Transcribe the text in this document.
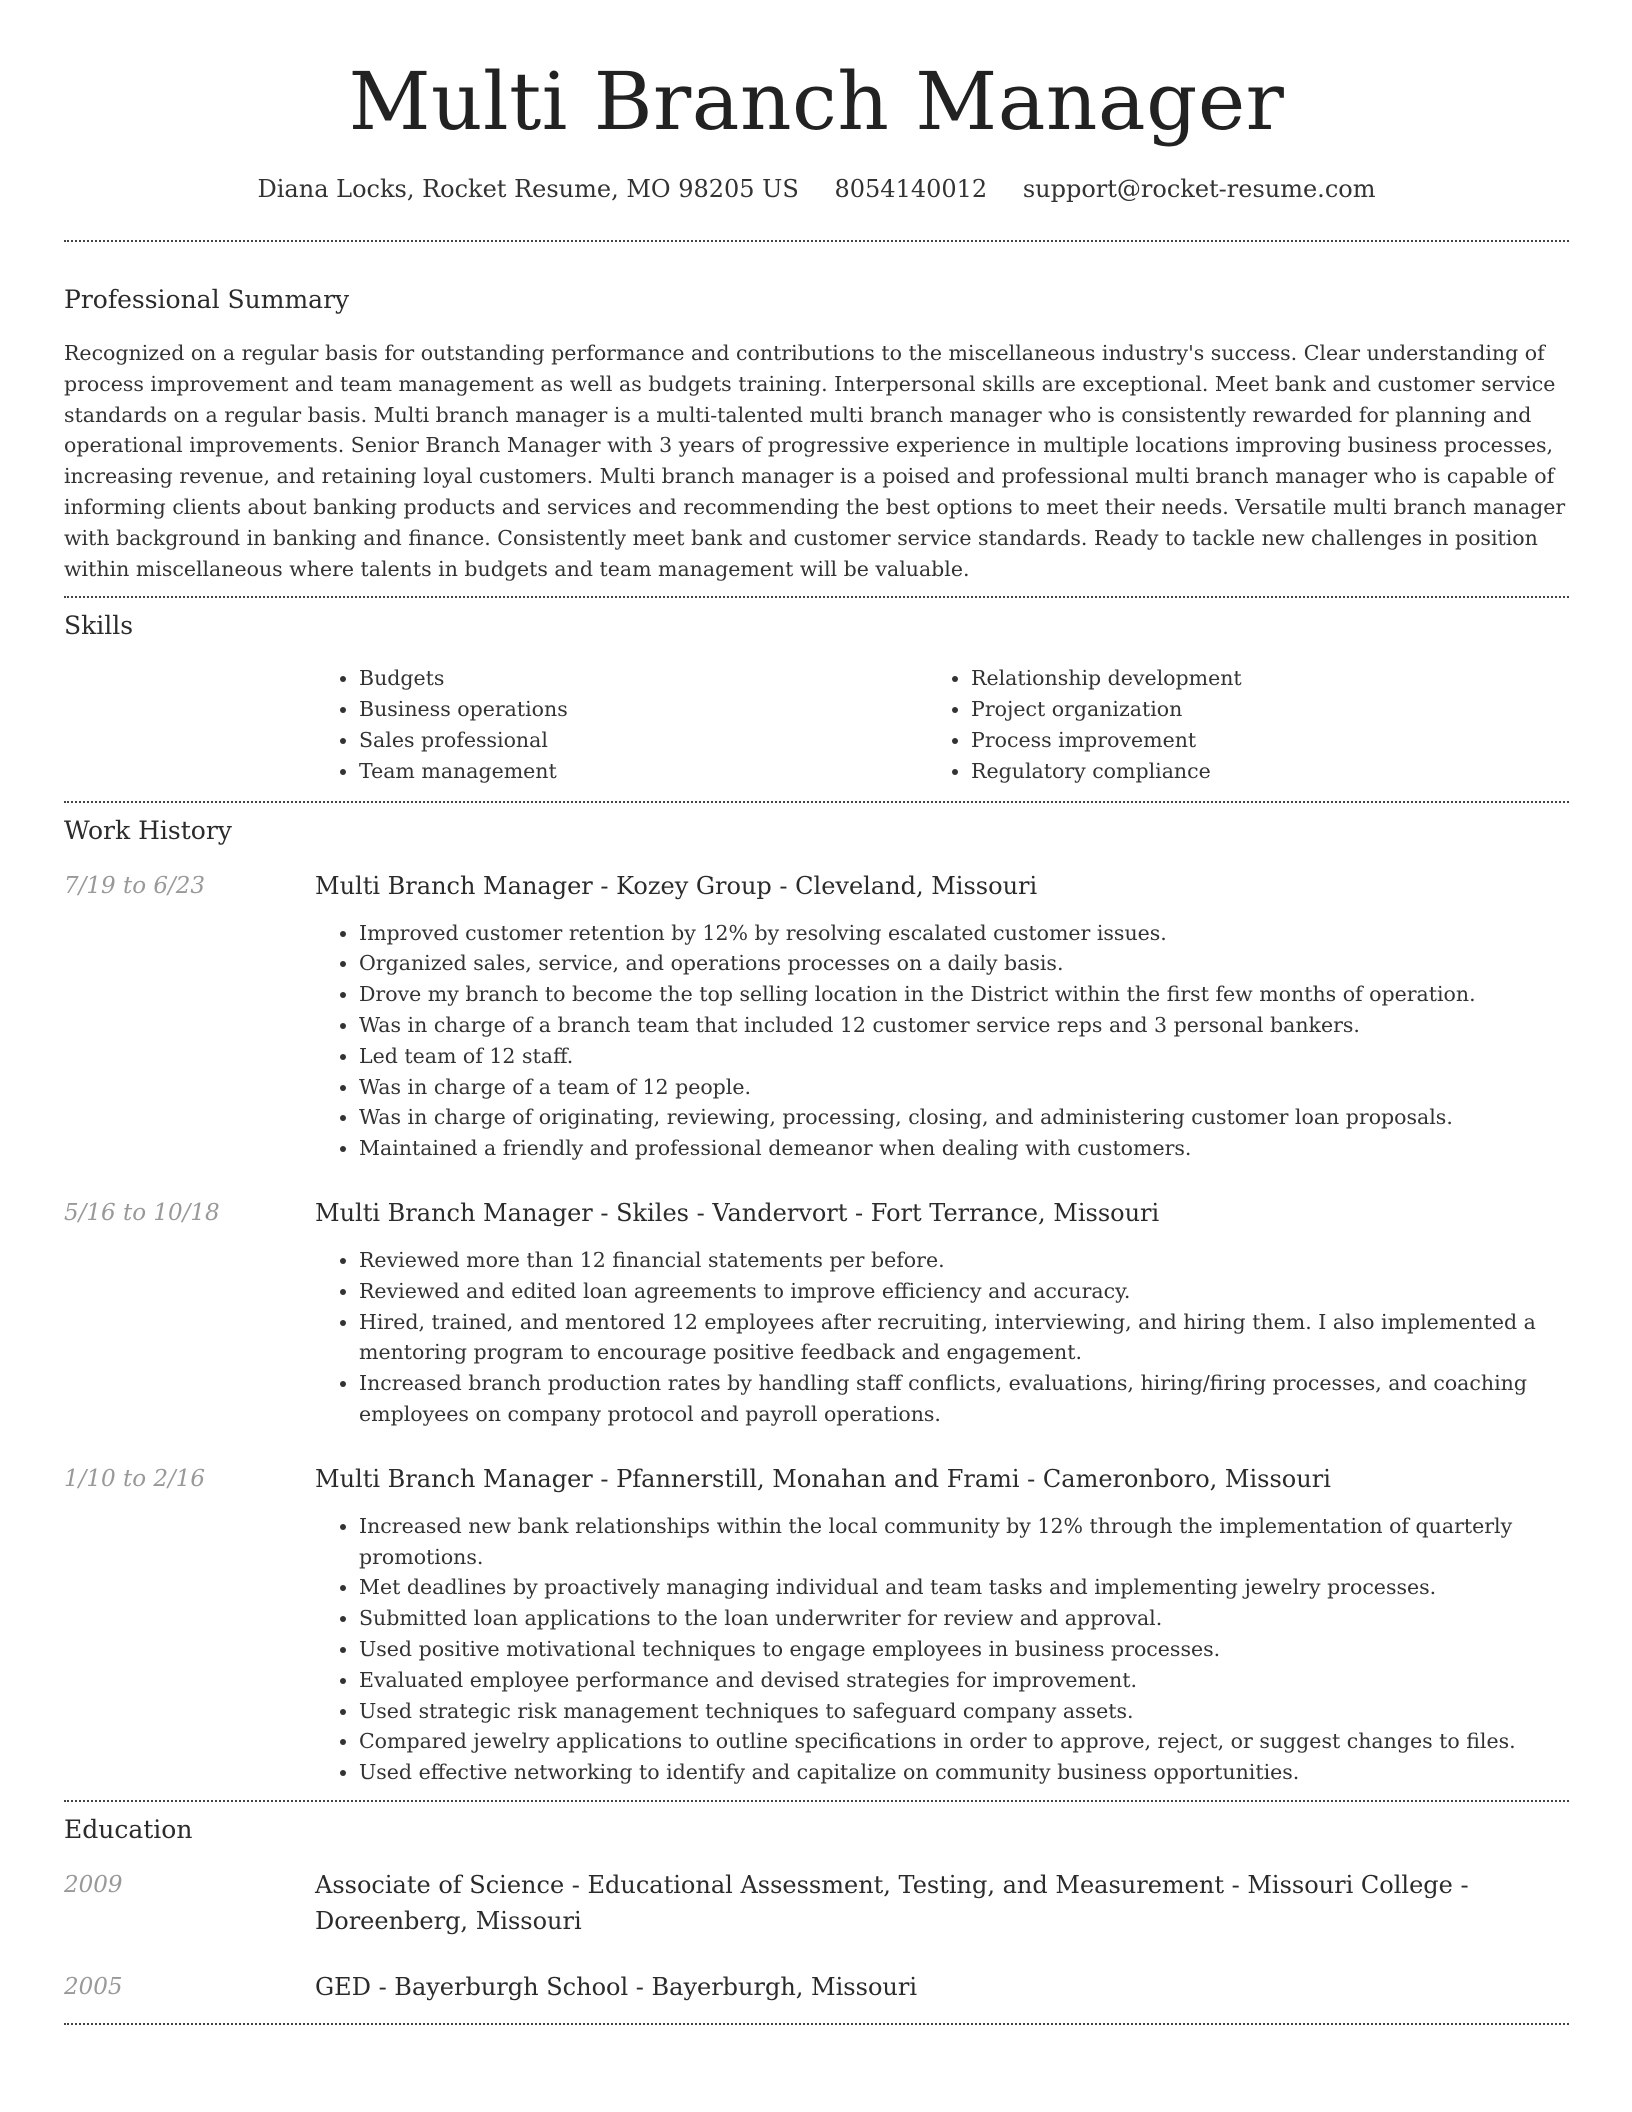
Multi Branch Manager
Diana Locks, Rocket Resume, MO 98205 US 8054140012 support@rocket-resume.com
Professional Summary

Recognized on a regular basis for outstanding performance and contributions to the miscellaneous industry's success. Clear understanding of process improvement and team management as well as budgets training. Interpersonal skills are exceptional. Meet bank and customer service standards on a regular basis. Multi branch manager is a multi-talented multi branch manager who is consistently rewarded for planning and operational improvements. Senior Branch Manager with 3 years of progressive experience in multiple locations improving business processes, increasing revenue, and retaining loyal customers. Multi branch manager is a poised and professional multi branch manager who is capable of informing clients about banking products and services and recommending the best options to meet their needs. Versatile multi branch manager with background in banking and finance. Consistently meet bank and customer service standards. Ready to tackle new challenges in position within miscellaneous where talents in budgets and team management will be valuable.

Skills
• Budgets
• Business operations
• Sales professional
• Team management
• Relationship development
• Project organization
• Process improvement
• Regulatory compliance
Work History
7/19 to 6/23	Multi Branch Manager - Kozey Group - Cleveland, Missouri
• Improved customer retention by 12% by resolving escalated customer issues.
• Organized sales, service, and operations processes on a daily basis.
• Drove my branch to become the top selling location in the District within the first few months of operation.
• Was in charge of a branch team that included 12 customer service reps and 3 personal bankers.
• Led team of 12 staff.
• Was in charge of a team of 12 people.
• Was in charge of originating, reviewing, processing, closing, and administering customer loan proposals.
• Maintained a friendly and professional demeanor when dealing with customers.
5/16 to 10/18	Multi Branch Manager - Skiles - Vandervort - Fort Terrance, Missouri
• Reviewed more than 12 financial statements per before.
• Reviewed and edited loan agreements to improve efficiency and accuracy.
• Hired, trained, and mentored 12 employees after recruiting, interviewing, and hiring them. I also implemented a mentoring program to encourage positive feedback and engagement.
• Increased branch production rates by handling staff conflicts, evaluations, hiring/firing processes, and coaching employees on company protocol and payroll operations.
1/10 to 2/16	Multi Branch Manager - Pfannerstill, Monahan and Frami - Cameronboro, Missouri
• Increased new bank relationships within the local community by 12% through the implementation of quarterly promotions.
• Met deadlines by proactively managing individual and team tasks and implementing jewelry processes.
• Submitted loan applications to the loan underwriter for review and approval.
• Used positive motivational techniques to engage employees in business processes.
• Evaluated employee performance and devised strategies for improvement.
• Used strategic risk management techniques to safeguard company assets.
• Compared jewelry applications to outline specifications in order to approve, reject, or suggest changes to files.
• Used effective networking to identify and capitalize on community business opportunities.
Education
2009	Associate of Science - Educational Assessment, Testing, and Measurement - Missouri College - Doreenberg, Missouri
2005	GED - Bayerburgh School - Bayerburgh, Missouri
